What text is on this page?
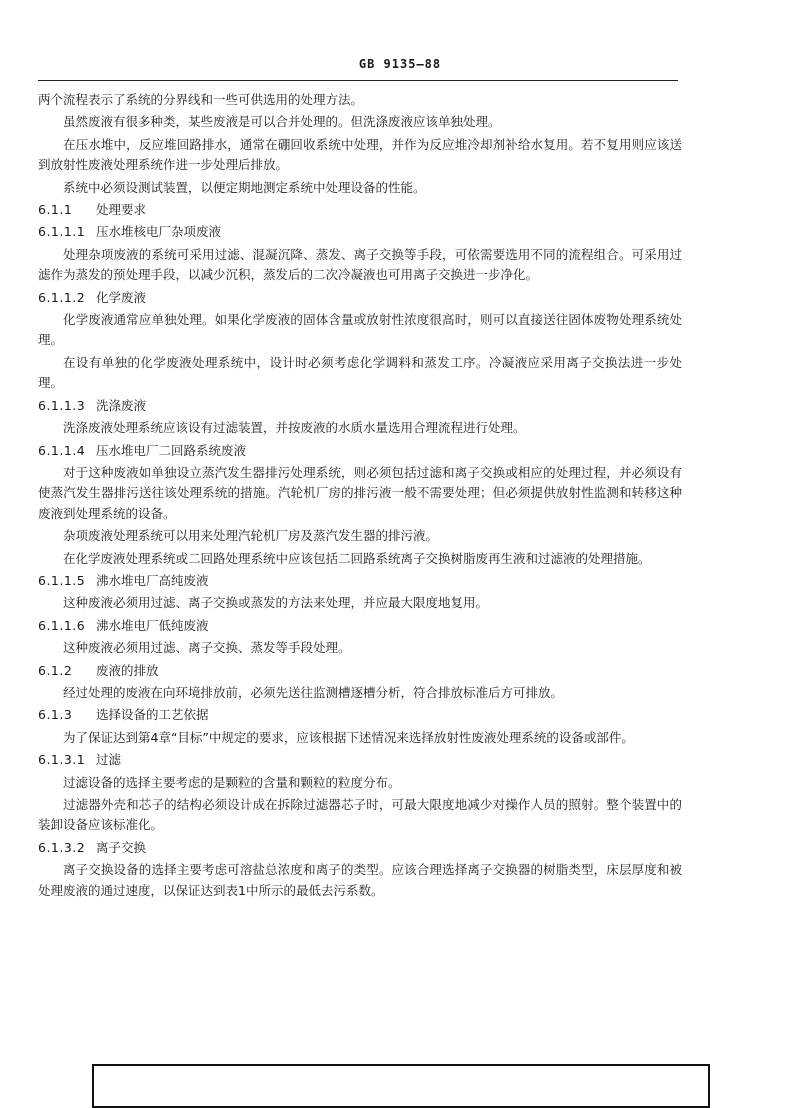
GB 9135—88

两个流程表示了系统的分界线和一些可供选用的处理方法。

虽然废液有很多种类，某些废液是可以合并处理的。但洗涤废液应该单独处理。

在压水堆中，反应堆回路排水，通常在硼回收系统中处理，并作为反应堆冷却剂补给水复用。若不复用则应该送到放射性废液处理系统作进一步处理后排放。

系统中必须设测试装置，以便定期地测定系统中处理设备的性能。

6.1.1 处理要求
6.1.1.1 压水堆核电厂杂项废液

处理杂项废液的系统可采用过滤、混凝沉降、蒸发、离子交换等手段，可依需要选用不同的流程组合。可采用过滤作为蒸发的预处理手段，以减少沉积，蒸发后的二次冷凝液也可用离子交换进一步净化。

6.1.1.2 化学废液

化学废液通常应单独处理。如果化学废液的固体含量或放射性浓度很高时，则可以直接送往固体废物处理系统处理。

在设有单独的化学废液处理系统中，设计时必须考虑化学调料和蒸发工序。冷凝液应采用离子交换法进一步处理。

6.1.1.3 洗涤废液

洗涤废液处理系统应该设有过滤装置，并按废液的水质水量选用合理流程进行处理。

6.1.1.4 压水堆电厂二回路系统废液

对于这种废液如单独设立蒸汽发生器排污处理系统，则必须包括过滤和离子交换或相应的处理过程，并必须设有使蒸汽发生器排污送往该处理系统的措施。汽轮机厂房的排污液一般不需要处理；但必须提供放射性监测和转移这种废液到处理系统的设备。

杂项废液处理系统可以用来处理汽轮机厂房及蒸汽发生器的排污液。

在化学废液处理系统或二回路处理系统中应该包括二回路系统离子交换树脂废再生液和过滤液的处理措施。

6.1.1.5 沸水堆电厂高纯废液

这种废液必须用过滤、离子交换或蒸发的方法来处理，并应最大限度地复用。

6.1.1.6 沸水堆电厂低纯废液

这种废液必须用过滤、离子交换、蒸发等手段处理。

6.1.2 废液的排放

经过处理的废液在向环境排放前，必须先送往监测槽逐槽分析，符合排放标准后方可排放。

6.1.3 选择设备的工艺依据

为了保证达到第4章“目标”中规定的要求，应该根据下述情况来选择放射性废液处理系统的设备或部件。

6.1.3.1 过滤

过滤设备的选择主要考虑的是颗粒的含量和颗粒的粒度分布。

过滤器外壳和芯子的结构必须设计成在拆除过滤器芯子时，可最大限度地减少对操作人员的照射。整个装置中的装卸设备应该标准化。

6.1.3.2 离子交换

离子交换设备的选择主要考虑可溶盐总浓度和离子的类型。应该合理选择离子交换器的树脂类型，床层厚度和被处理废液的通过速度，以保证达到表1中所示的最低去污系数。
